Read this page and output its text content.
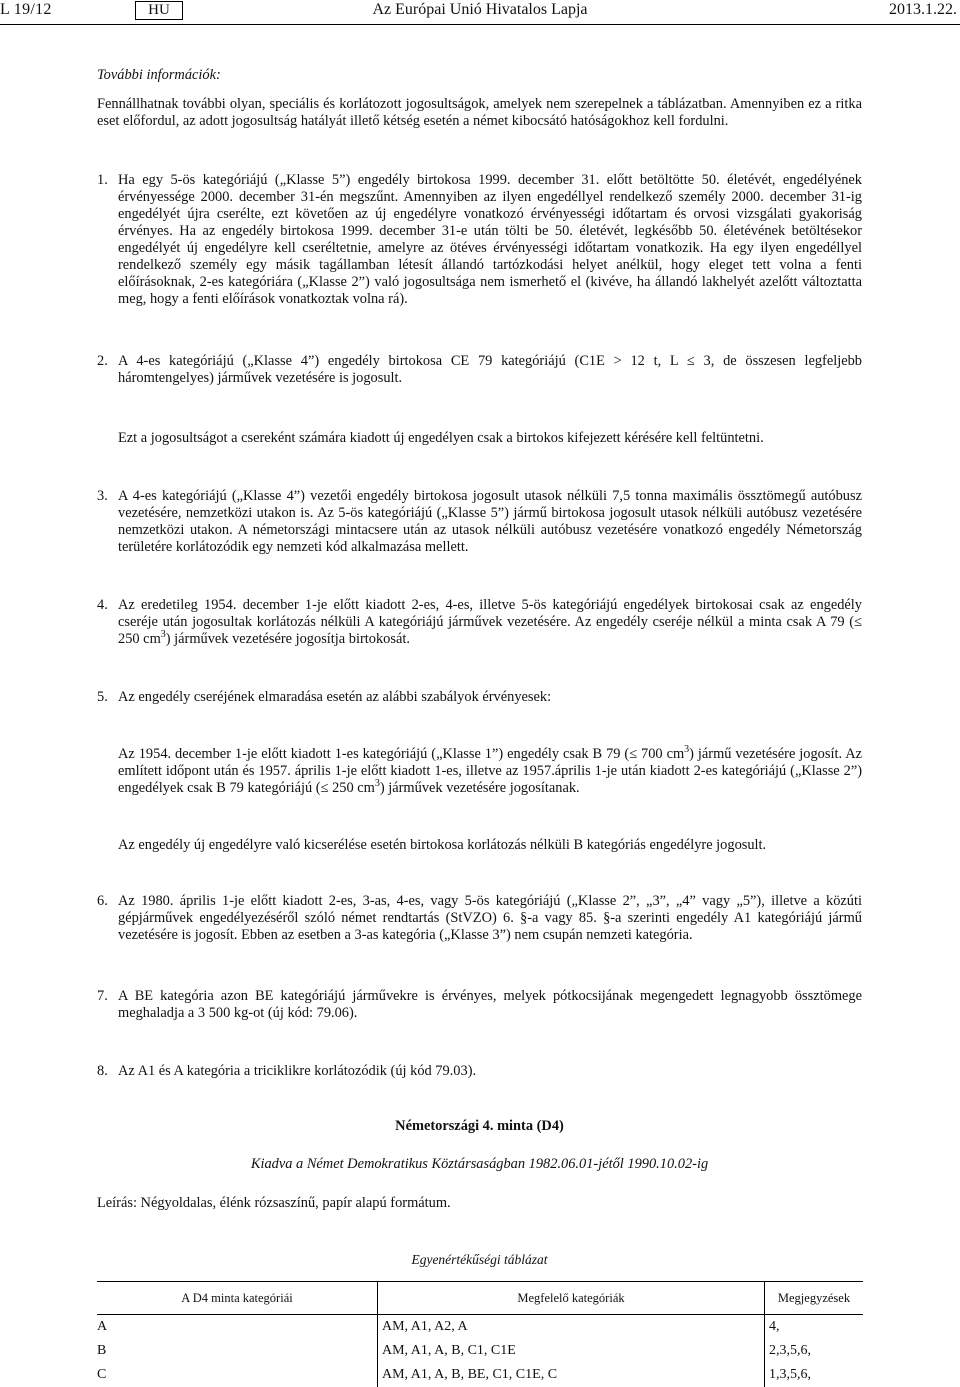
L 19/12	HU	Az Európai Unió Hivatalos Lapja	2013.1.22.
További információk:
Fennállhatnak további olyan, speciális és korlátozott jogosultságok, amelyek nem szerepelnek a táblázatban. Amennyiben ez a ritka eset előfordul, az adott jogosultság hatályát illető kétség esetén a német kibocsátó hatóságokhoz kell fordulni.
1. Ha egy 5-ös kategóriájú („Klasse 5”) engedély birtokosa 1999. december 31. előtt betöltötte 50. életévét, engedélyének érvényessége 2000. december 31-én megszűnt. Amennyiben az ilyen engedéllyel rendelkező személy 2000. december 31-ig engedélyét újra cserélte, ezt követően az új engedélyre vonatkozó érvényességi időtartam és orvosi vizsgálati gyakoriság érvényes. Ha az engedély birtokosa 1999. december 31-e után tölti be 50. életévét, legkésőbb 50. életévének betöltésekor engedélyét új engedélyre kell cseréltetnie, amelyre az ötéves érvényességi időtartam vonatkozik. Ha egy ilyen engedéllyel rendelkező személy egy másik tagállamban létesít állandó tartózkodási helyet anélkül, hogy eleget tett volna a fenti előírásoknak, 2-es kategóriára („Klasse 2”) való jogosultsága nem ismerhető el (kivéve, ha állandó lakhelyét azelőtt változtatta meg, hogy a fenti előírások vonatkoztak volna rá).
2. A 4-es kategóriájú („Klasse 4”) engedély birtokosa CE 79 kategóriájú (C1E > 12 t, L ≤ 3, de összesen legfeljebb háromtengelyes) járművek vezetésére is jogosult.
Ezt a jogosultságot a csereként számára kiadott új engedélyen csak a birtokos kifejezett kérésére kell feltüntetni.
3. A 4-es kategóriájú („Klasse 4”) vezetői engedély birtokosa jogosult utasok nélküli 7,5 tonna maximális össztömegű autóbusz vezetésére, nemzetközi utakon is. Az 5-ös kategóriájú („Klasse 5”) jármű birtokosa jogosult utasok nélküli autóbusz vezetésére nemzetközi utakon. A németországi mintacsere után az utasok nélküli autóbusz vezetésére vonatkozó engedély Németország területére korlátozódik egy nemzeti kód alkalmazása mellett.
4. Az eredetileg 1954. december 1-je előtt kiadott 2-es, 4-es, illetve 5-ös kategóriájú engedélyek birtokosai csak az engedély cseréje után jogosultak korlátozás nélküli A kategóriájú járművek vezetésére. Az engedély cseréje nélkül a mintа csak A 79 (≤ 250 $cm^3$) járművek vezetésére jogosítja birtokosát.
5. Az engedély cseréjének elmaradása esetén az alábbi szabályok érvényesek:
Az 1954. december 1-je előtt kiadott 1-es kategóriájú („Klasse 1”) engedély csak B 79 (≤ 700 $cm^3$) jármű vezetésére jogosít. Az említett időpont után és 1957. április 1-je előtt kiadott 1-es, illetve az 1957.április 1-je után kiadott 2-es kategóriájú („Klasse 2”) engedélyek csak B 79 kategóriájú (≤ 250 $cm^3$) járművek vezetésére jogosítanak.
Az engedély új engedélyre való kicserélése esetén birtokosa korlátozás nélküli B kategóriás engedélyre jogosult.
6. Az 1980. április 1-je előtt kiadott 2-es, 3-as, 4-es, vagy 5-ös kategóriájú („Klasse 2”, „3”, „4” vagy „5”), illetve a közúti gépjárművek engedélyezéséről szóló német rendtartás (StVZO) 6. §-a vagy 85. §-a szerinti engedély A1 kategóriájú jármű vezetésére is jogosít. Ebben az esetben a 3-as kategória („Klasse 3”) nem csupán nemzeti kategória.
7. A BE kategória azon BE kategóriájú járművekre is érvényes, melyek pótkocsijának megengedett legnagyobb össztömege meghaladja a 3 500 kg-ot (új kód: 79.06).
8. Az A1 és A kategória a triciklikre korlátozódik (új kód 79.03).
Németországi 4. minta (D4)
Kiadva a Német Demokratikus Köztársaságban 1982.06.01-jétől 1990.10.02-ig
Leírás: Négyoldalas, élénk rózsaszínű, papír alapú formátum.
Egyenértékűségi táblázat
A D4 minta kategóriái	Megfelelő kategóriák	Megjegyzések
A	AM, A1, A2, A	4,
B	AM, A1, A, B, C1, C1E	2,3,5,6,
C	AM, A1, A, B, BE, C1, C1E, C	1,3,5,6,
